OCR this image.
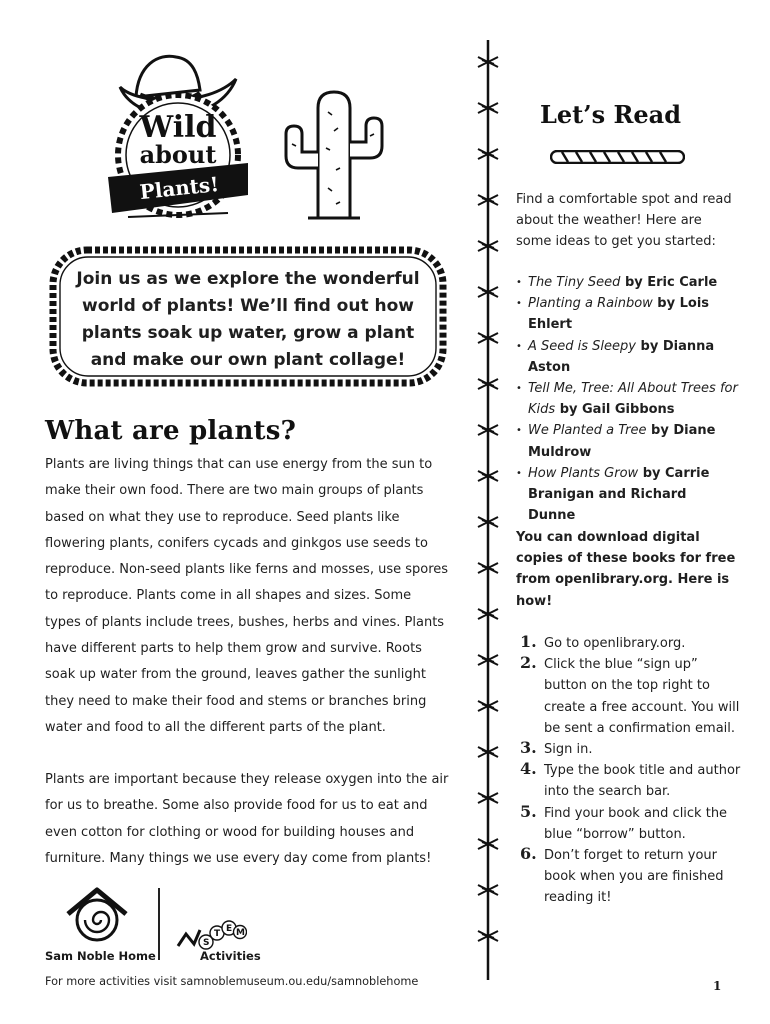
Wild
about
Plants!
Join us as we explore the wonderful world of plants! We’ll find out how plants soak up water, grow a plant and make our own plant collage!
What are plants?
Plants are living things that can use energy from the sun to make their own food. There are two main groups of plants based on what they use to reproduce. Seed plants like flowering plants, conifers cycads and ginkgos use seeds to reproduce. Non-seed plants like ferns and mosses, use spores to reproduce. Plants come in all shapes and sizes. Some types of plants include trees, bushes, herbs and vines. Plants have different parts to help them grow and survive. Roots soak up water from the ground, leaves gather the sunlight they need to make their food and stems or branches bring water and food to all the different parts of the plant.
Plants are important because they release oxygen into the air for us to breathe. Some also provide food for us to eat and even cotton for clothing or wood for building houses and furniture. Many things we use every day come from plants!
Sam Noble Home
S
T E M
Activities
For more activities visit samnoblemuseum.ou.edu/samnoblehome	1
Let’s Read
Find a comfortable spot and read about the weather! Here are some ideas to get you started:
• The Tiny Seed by Eric Carle
• Planting a Rainbow by Lois Ehlert
• A Seed is Sleepy by Dianna Aston
• Tell Me, Tree: All About Trees for Kids by Gail Gibbons
• We Planted a Tree by Diane Muldrow
• How Plants Grow by Carrie Branigan and Richard Dunne
You can download digital copies of these books for free from openlibrary.org. Here is how!
1. Go to openlibrary.org.
2. Click the blue “sign up” button on the top right to create a free account. You will be sent a confirmation email.
3. Sign in.
4. Type the book title and author into the search bar.
5. Find your book and click the blue “borrow” button.
6. Don’t forget to return your book when you are finished reading it!
